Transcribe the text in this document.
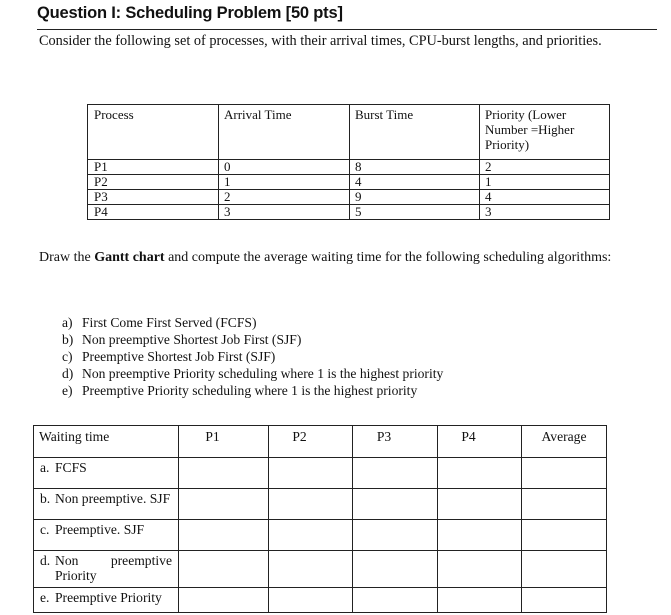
Question I: Scheduling Problem [50 pts]
Consider the following set of processes, with their arrival times, CPU-burst lengths, and priorities.
Process	Arrival Time	Burst Time	Priority (Lower
Number =Higher
Priority)
P1	0	8	2
P2	1	4	1
P3	2	9	4
P4	3	5	3
Draw the Gantt chart and compute the average waiting time for the following scheduling algorithms:
a) First Come First Served (FCFS)
b) Non preemptive Shortest Job First (SJF)
c) Preemptive Shortest Job First (SJF)
d) Non preemptive Priority scheduling where 1 is the highest priority
e) Preemptive Priority scheduling where 1 is the highest priority
Waiting time	P1	P2	P3	P4	Average
a. FCFS					
b. Non preemptive. SJF					
c. Preemptive. SJF					

d. Non preemptive
Priority					

e. Preemptive Priority					
